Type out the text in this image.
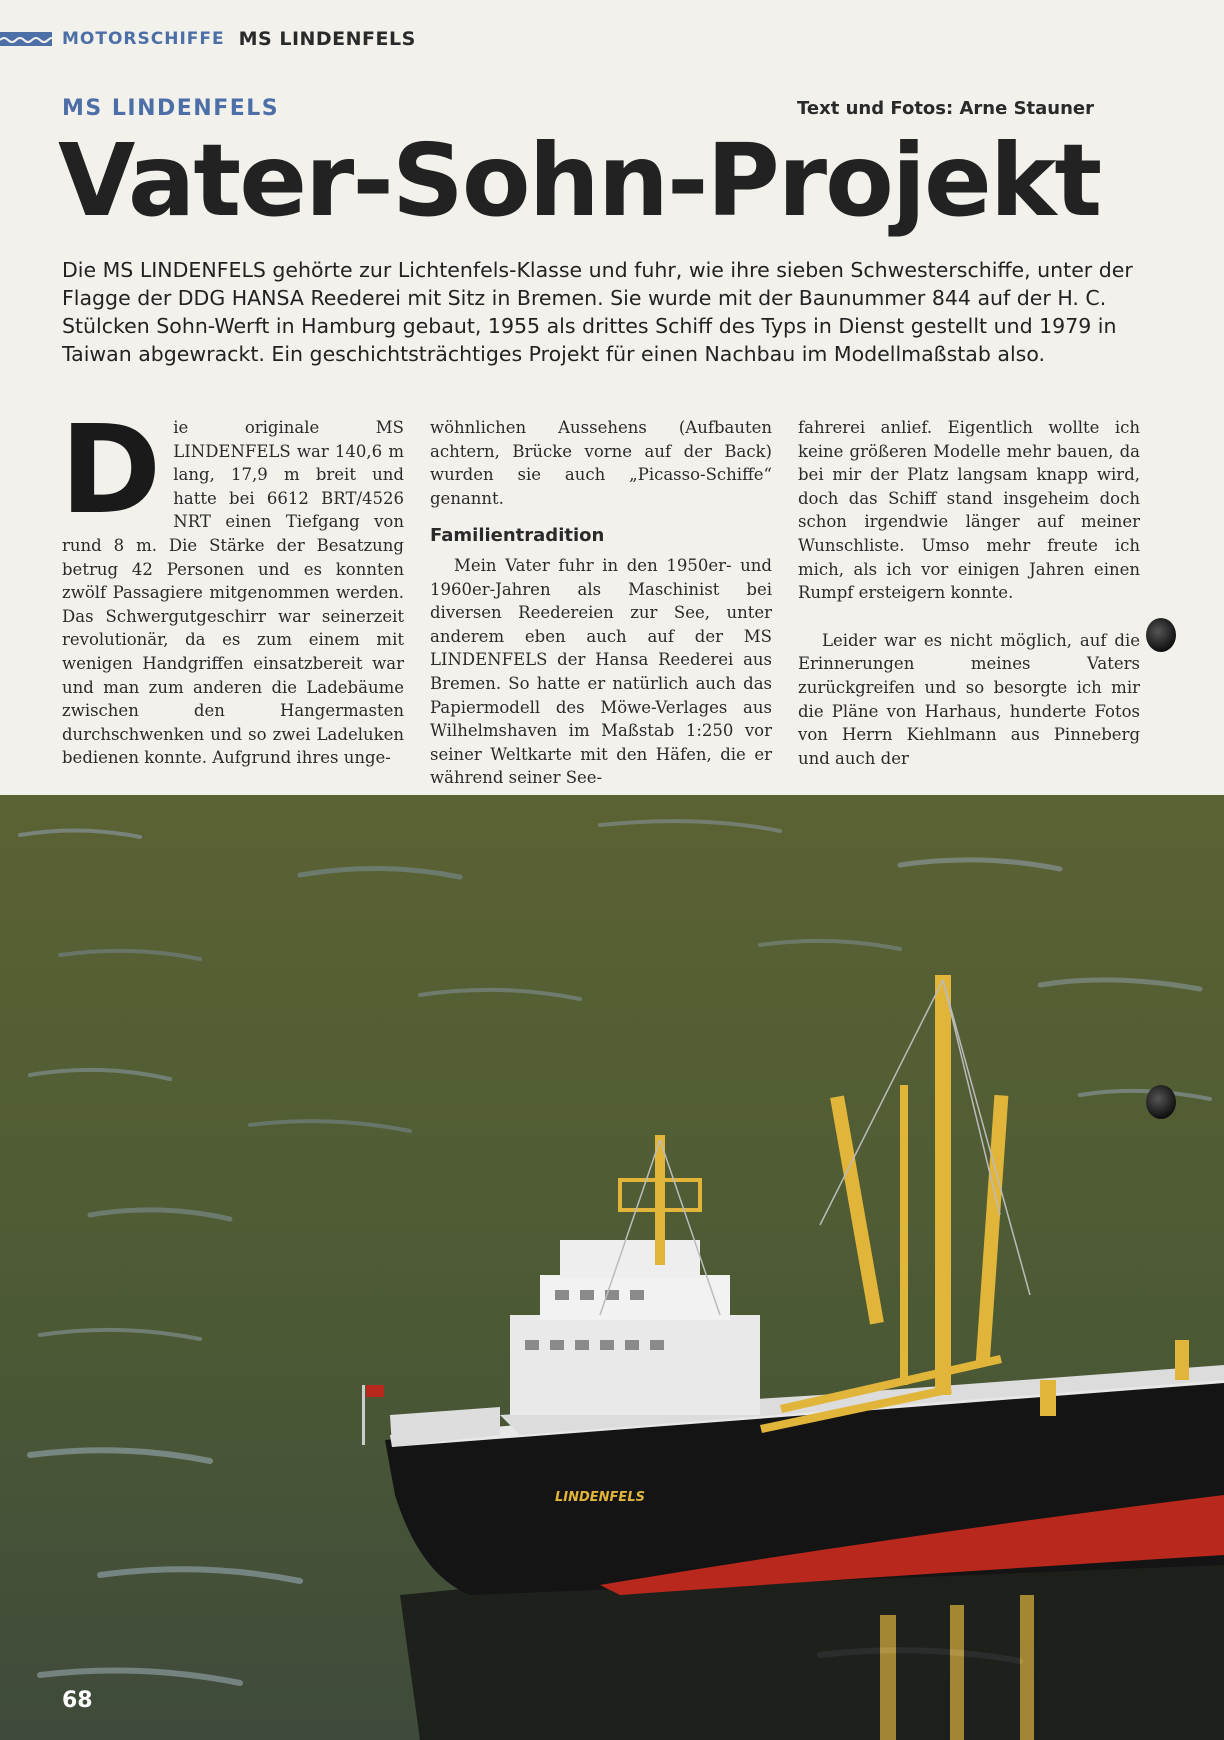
MOTORSCHIFFE MS LINDENFELS
MS LINDENFELS	Text und Fotos: Arne Stauner
Vater-Sohn-Projekt
Die MS LINDENFELS gehörte zur Lichtenfels-Klasse und fuhr, wie ihre sieben Schwesterschiffe, unter der Flagge der DDG HANSA Reederei mit Sitz in Bremen. Sie wurde mit der Baunummer 844 auf der H. C. Stülcken Sohn-Werft in Hamburg gebaut, 1955 als drittes Schiff des Typs in Dienst gestellt und 1979 in Taiwan abgewrackt. Ein geschichtsträchtiges Projekt für einen Nachbau im Modellmaßstab also.
D ie originale MS LINDENFELS war 140,6 m lang, 17,9 m breit und hatte bei 6612 BRT/4526 NRT einen Tiefgang von rund 8 m. Die Stärke der Besatzung betrug 42 Personen und es konnten zwölf Passagiere mitgenommen werden. Das Schwergutgeschirr war seinerzeit revolutionär, da es zum einem mit wenigen Handgriffen einsatzbereit war und man zum anderen die Ladebäume zwischen den Hangermasten durchschwenken und so zwei Ladeluken bedienen konnte. Aufgrund ihres unge-

wöhnlichen Aussehens (Aufbauten achtern, Brücke vorne auf der Back) wurden sie auch „Picasso-Schiffe“ genannt.

Familientradition

Mein Vater fuhr in den 1950er- und 1960er-Jahren als Maschinist bei diversen Reedereien zur See, unter anderem eben auch auf der MS LINDENFELS der Hansa Reederei aus Bremen. So hatte er natürlich auch das Papiermodell des Möwe-Verlages aus Wilhelmshaven im Maßstab 1:250 vor seiner Weltkarte mit den Häfen, die er während seiner See-

fahrerei anlief. Eigentlich wollte ich keine größeren Modelle mehr bauen, da bei mir der Platz langsam knapp wird, doch das Schiff stand insgeheim doch schon irgendwie länger auf meiner Wunschliste. Umso mehr freute ich mich, als ich vor einigen Jahren einen Rumpf ersteigern konnte.

Leider war es nicht möglich, auf die Erinnerungen meines Vaters zurückgreifen und so besorgte ich mir die Pläne von Harhaus, hunderte Fotos von Herrn Kiehlmann aus Pinneberg und auch der

LINDENFELS
68
